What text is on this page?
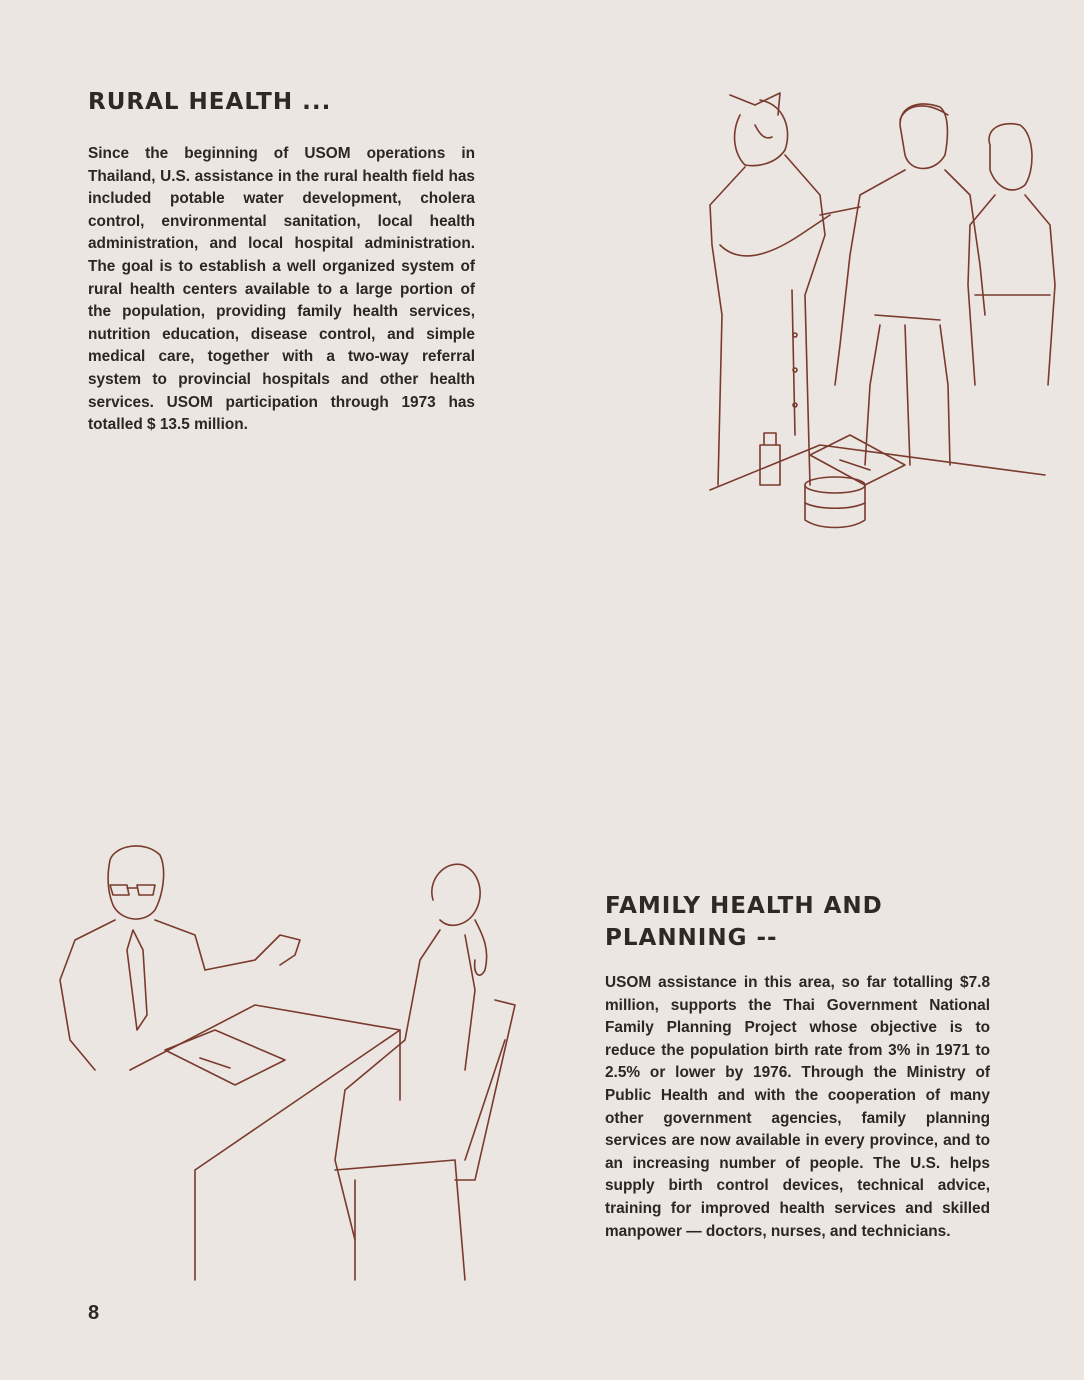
RURAL HEALTH ...

Since the beginning of USOM operations in Thailand, U.S. assistance in the rural health field has included potable water development, cholera control, environmental sanitation, local health administration, and local hospital administration. The goal is to establish a well organized system of rural health centers available to a large portion of the population, providing family health services, nutrition education, disease control, and simple medical care, together with a two-way referral system to provincial hospitals and other health services. USOM participation through 1973 has totalled $ 13.5 million.

FAMILY HEALTH AND PLANNING --

USOM assistance in this area, so far totalling $7.8 million, supports the Thai Government National Family Planning Project whose objective is to reduce the population birth rate from 3% in 1971 to 2.5% or lower by 1976. Through the Ministry of Public Health and with the cooperation of many other government agencies, family planning services are now available in every province, and to an increasing number of people. The U.S. helps supply birth control devices, technical advice, training for improved health services and skilled manpower — doctors, nurses, and technicians.

8
